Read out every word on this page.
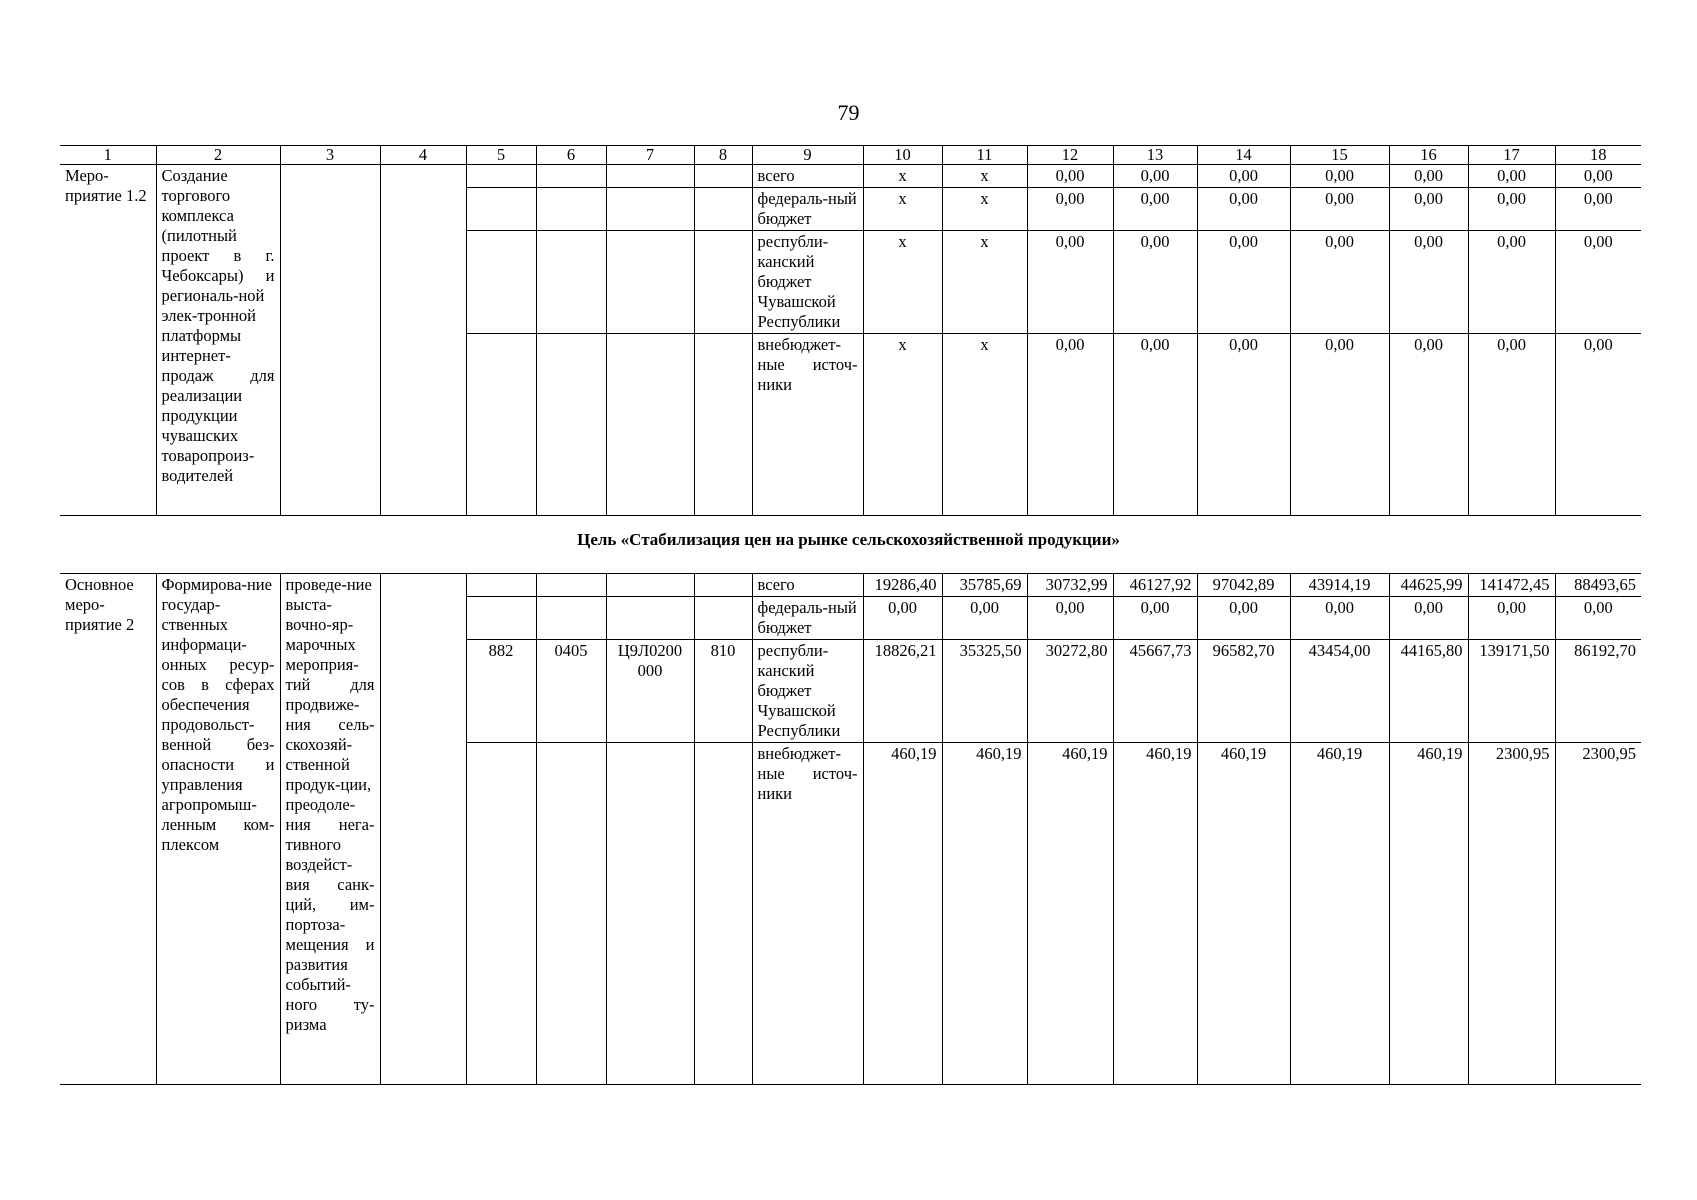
79
1	2	3	4	5	6	7	8	9	10	11	12	13	14	15	16	17	18
Меро-приятие 1.2	Создание торгового комплекса (пилотный проект в г. Чебоксары) и региональ-ной элек-тронной платформы интернет-продаж для реализации продукции чувашских товаропроиз-водителей							всего	x	x	0,00	0,00	0,00	0,00	0,00	0,00	0,00
								федераль-ный бюджет	x	x	0,00	0,00	0,00	0,00	0,00	0,00	0,00
								республи-канский бюджет Чувашской Республики	x	x	0,00	0,00	0,00	0,00	0,00	0,00	0,00
								внебюджет-ные источ-ники	x	x	0,00	0,00	0,00	0,00	0,00	0,00	0,00
Цель «Стабилизация цен на рынке сельскохозяйственной продукции»
Основное меро-приятие 2	Формирова-ние государ-ственных информаци-онных ресур-сов в сферах обеспечения продовольст-венной без-опасности и управления агропромыш-ленным ком-плексом	проведе-ние выста-вочно-яр-марочных мероприя-тий для продвиже-ния сель-скохозяй-ственной продук-ции, преодоле-ния нега-тивного воздейст-вия санк-ций, им-портоза-мещения и развития событий-ного ту-ризма						всего	19286,40	35785,69	30732,99	46127,92	97042,89	43914,19	44625,99	141472,45	88493,65
								федераль-ный бюджет	0,00	0,00	0,00	0,00	0,00	0,00	0,00	0,00	0,00
				882	0405	Ц9Л0200 000	810	республи-канский бюджет Чувашской Республики	18826,21	35325,50	30272,80	45667,73	96582,70	43454,00	44165,80	139171,50	86192,70
								внебюджет-ные источ-ники	460,19	460,19	460,19	460,19	460,19	460,19	460,19	2300,95	2300,95
